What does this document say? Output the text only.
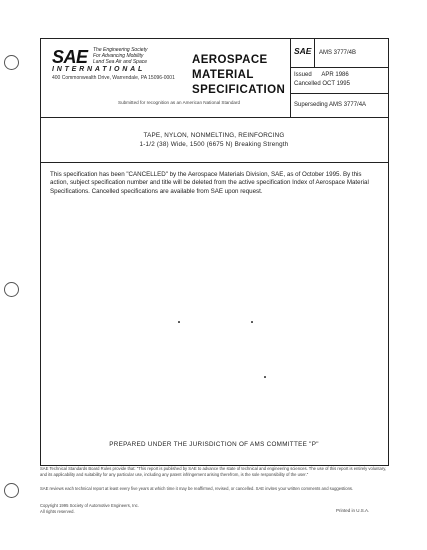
SAE The Engineering Society
For Advancing Mobility
Land Sea Air and Space
INTERNATIONAL
400 Commonwealth Drive, Warrendale, PA 15096-0001
AEROSPACE
MATERIAL
SPECIFICATION
Submitted for recognition as an American National Standard
SAE AMS 3777/4B
Issued      APR 1986
Cancelled OCT 1995
Superseding AMS 3777/4A
TAPE, NYLON, NONMELTING, REINFORCING
1-1/2 (38) Wide, 1500 (6675 N) Breaking Strength

This specification has been "CANCELLED" by the Aerospace Materials Division, SAE, as of October 1995. By this action, subject specification number and title will be deleted from the active specification Index of Aerospace Material Specifications. Cancelled specifications are available from SAE upon request.

PREPARED UNDER THE JURISDICTION OF AMS COMMITTEE "P"

SAE Technical Standards Board Rules provide that: "This report is published by SAE to advance the state of technical and engineering sciences. The use of this report is entirely voluntary, and its applicability and suitability for any particular use, including any patent infringement arising therefrom, is the sole responsibility of the user."

SAE reviews each technical report at least every five years at which time it may be reaffirmed, revised, or cancelled. SAE invites your written comments and suggestions.

Copyright 1995 Society of Automotive Engineers, Inc.
All rights reserved.	Printed in U.S.A.
